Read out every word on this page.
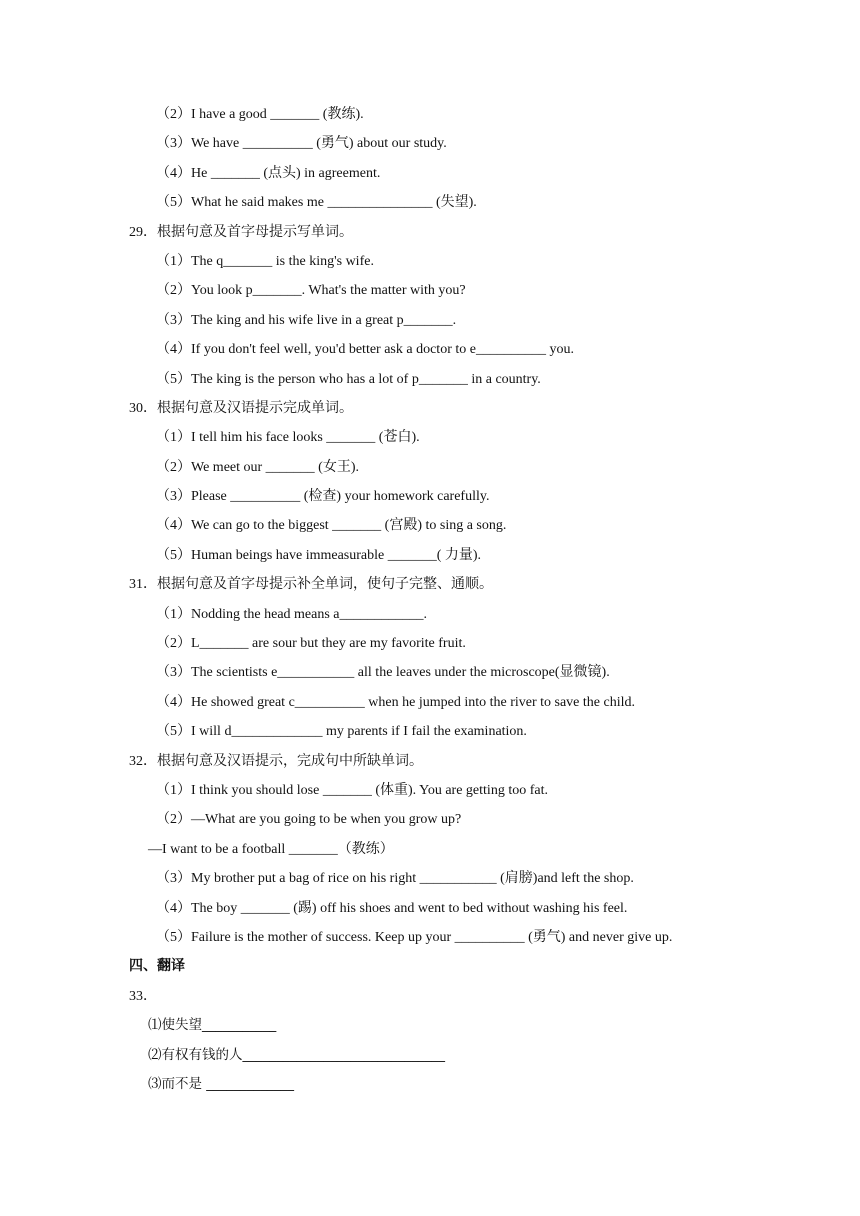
（2）I have a good _______ (教练).
（3）We have __________ (勇气) about our study.
（4）He _______ (点头) in agreement.
（5）What he said makes me _______________ (失望).
29．根据句意及首字母提示写单词。
（1）The q_______ is the king's wife.
（2）You look p_______. What's the matter with you?
（3）The king and his wife live in a great p_______.
（4）If you don't feel well, you'd better ask a doctor to e__________ you.
（5）The king is the person who has a lot of p_______ in a country.
30．根据句意及汉语提示完成单词。
（1）I tell him his face looks _______ (苍白).
（2）We meet our _______ (女王).
（3）Please __________ (检查) your homework carefully.
（4）We can go to the biggest _______ (宫殿) to sing a song.
（5）Human beings have immeasurable _______( 力量).
31．根据句意及首字母提示补全单词，使句子完整、通顺。
（1）Nodding the head means a____________.
（2）L_______ are sour but they are my favorite fruit.
（3）The scientists e___________ all the leaves under the microscope(显微镜).
（4）He showed great c__________ when he jumped into the river to save the child.
（5）I will d_____________ my parents if I fail the examination.
32．根据句意及汉语提示，完成句中所缺单词。
（1）I think you should lose _______ (体重). You are getting too fat.
（2）—What are you going to be when you grow up?
—I want to be a football _______（教练）
（3）My brother put a bag of rice on his right ___________ (肩膀)and left the shop.
（4）The boy _______ (踢) off his shoes and went to bed without washing his feel.
（5）Failure is the mother of success. Keep up your __________ (勇气) and never give up.
四、翻译
33．
⑴使失望___________
⑵有权有钱的人______________________________
⑶而不是 _____________
